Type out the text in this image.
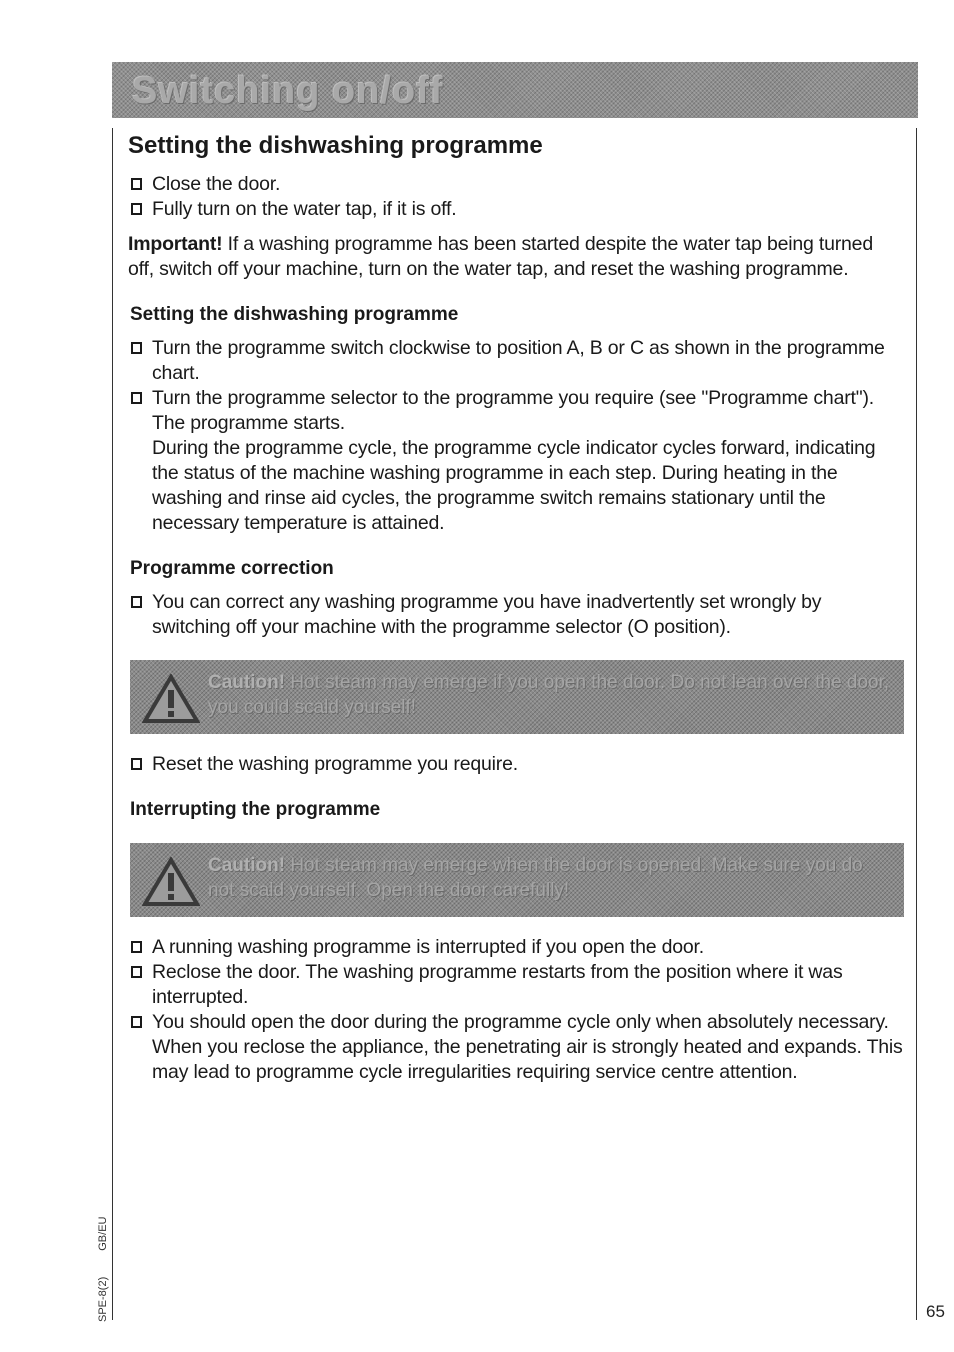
Switching on/off
Setting the dishwashing programme
Close the door.
Fully turn on the water tap, if it is off.

Important! If a washing programme has been started despite the water tap being turned off, switch off your machine, turn on the water tap, and reset the washing programme.

Setting the dishwashing programme
Turn the programme switch clockwise to position A, B or C as shown in the programme chart.
Turn the programme selector to the programme you require (see "Programme chart"). The programme starts.
During the programme cycle, the programme cycle indicator cycles forward, indicating the status of the machine washing programme in each step. During heating in the washing and rinse aid cycles, the programme switch remains stationary until the necessary temperature is attained.
Programme correction
You can correct any washing programme you have inadvertently set wrongly by switching off your machine with the programme selector (O position).
Caution! Hot steam may emerge if you open the door. Do not lean over the door, you could scald yourself!
Reset the washing programme you require.
Interrupting the programme
Caution! Hot steam may emerge when the door is opened. Make sure you do not scald yourself. Open the door carefully!
A running washing programme is interrupted if you open the door.
Reclose the door. The washing programme restarts from the position where it was interrupted.
You should open the door during the programme cycle only when absolutely necessary. When you reclose the appliance, the penetrating air is strongly heated and expands. This may lead to programme cycle irregularities requiring service centre attention.
SPE-8(2)GB/EU
65
